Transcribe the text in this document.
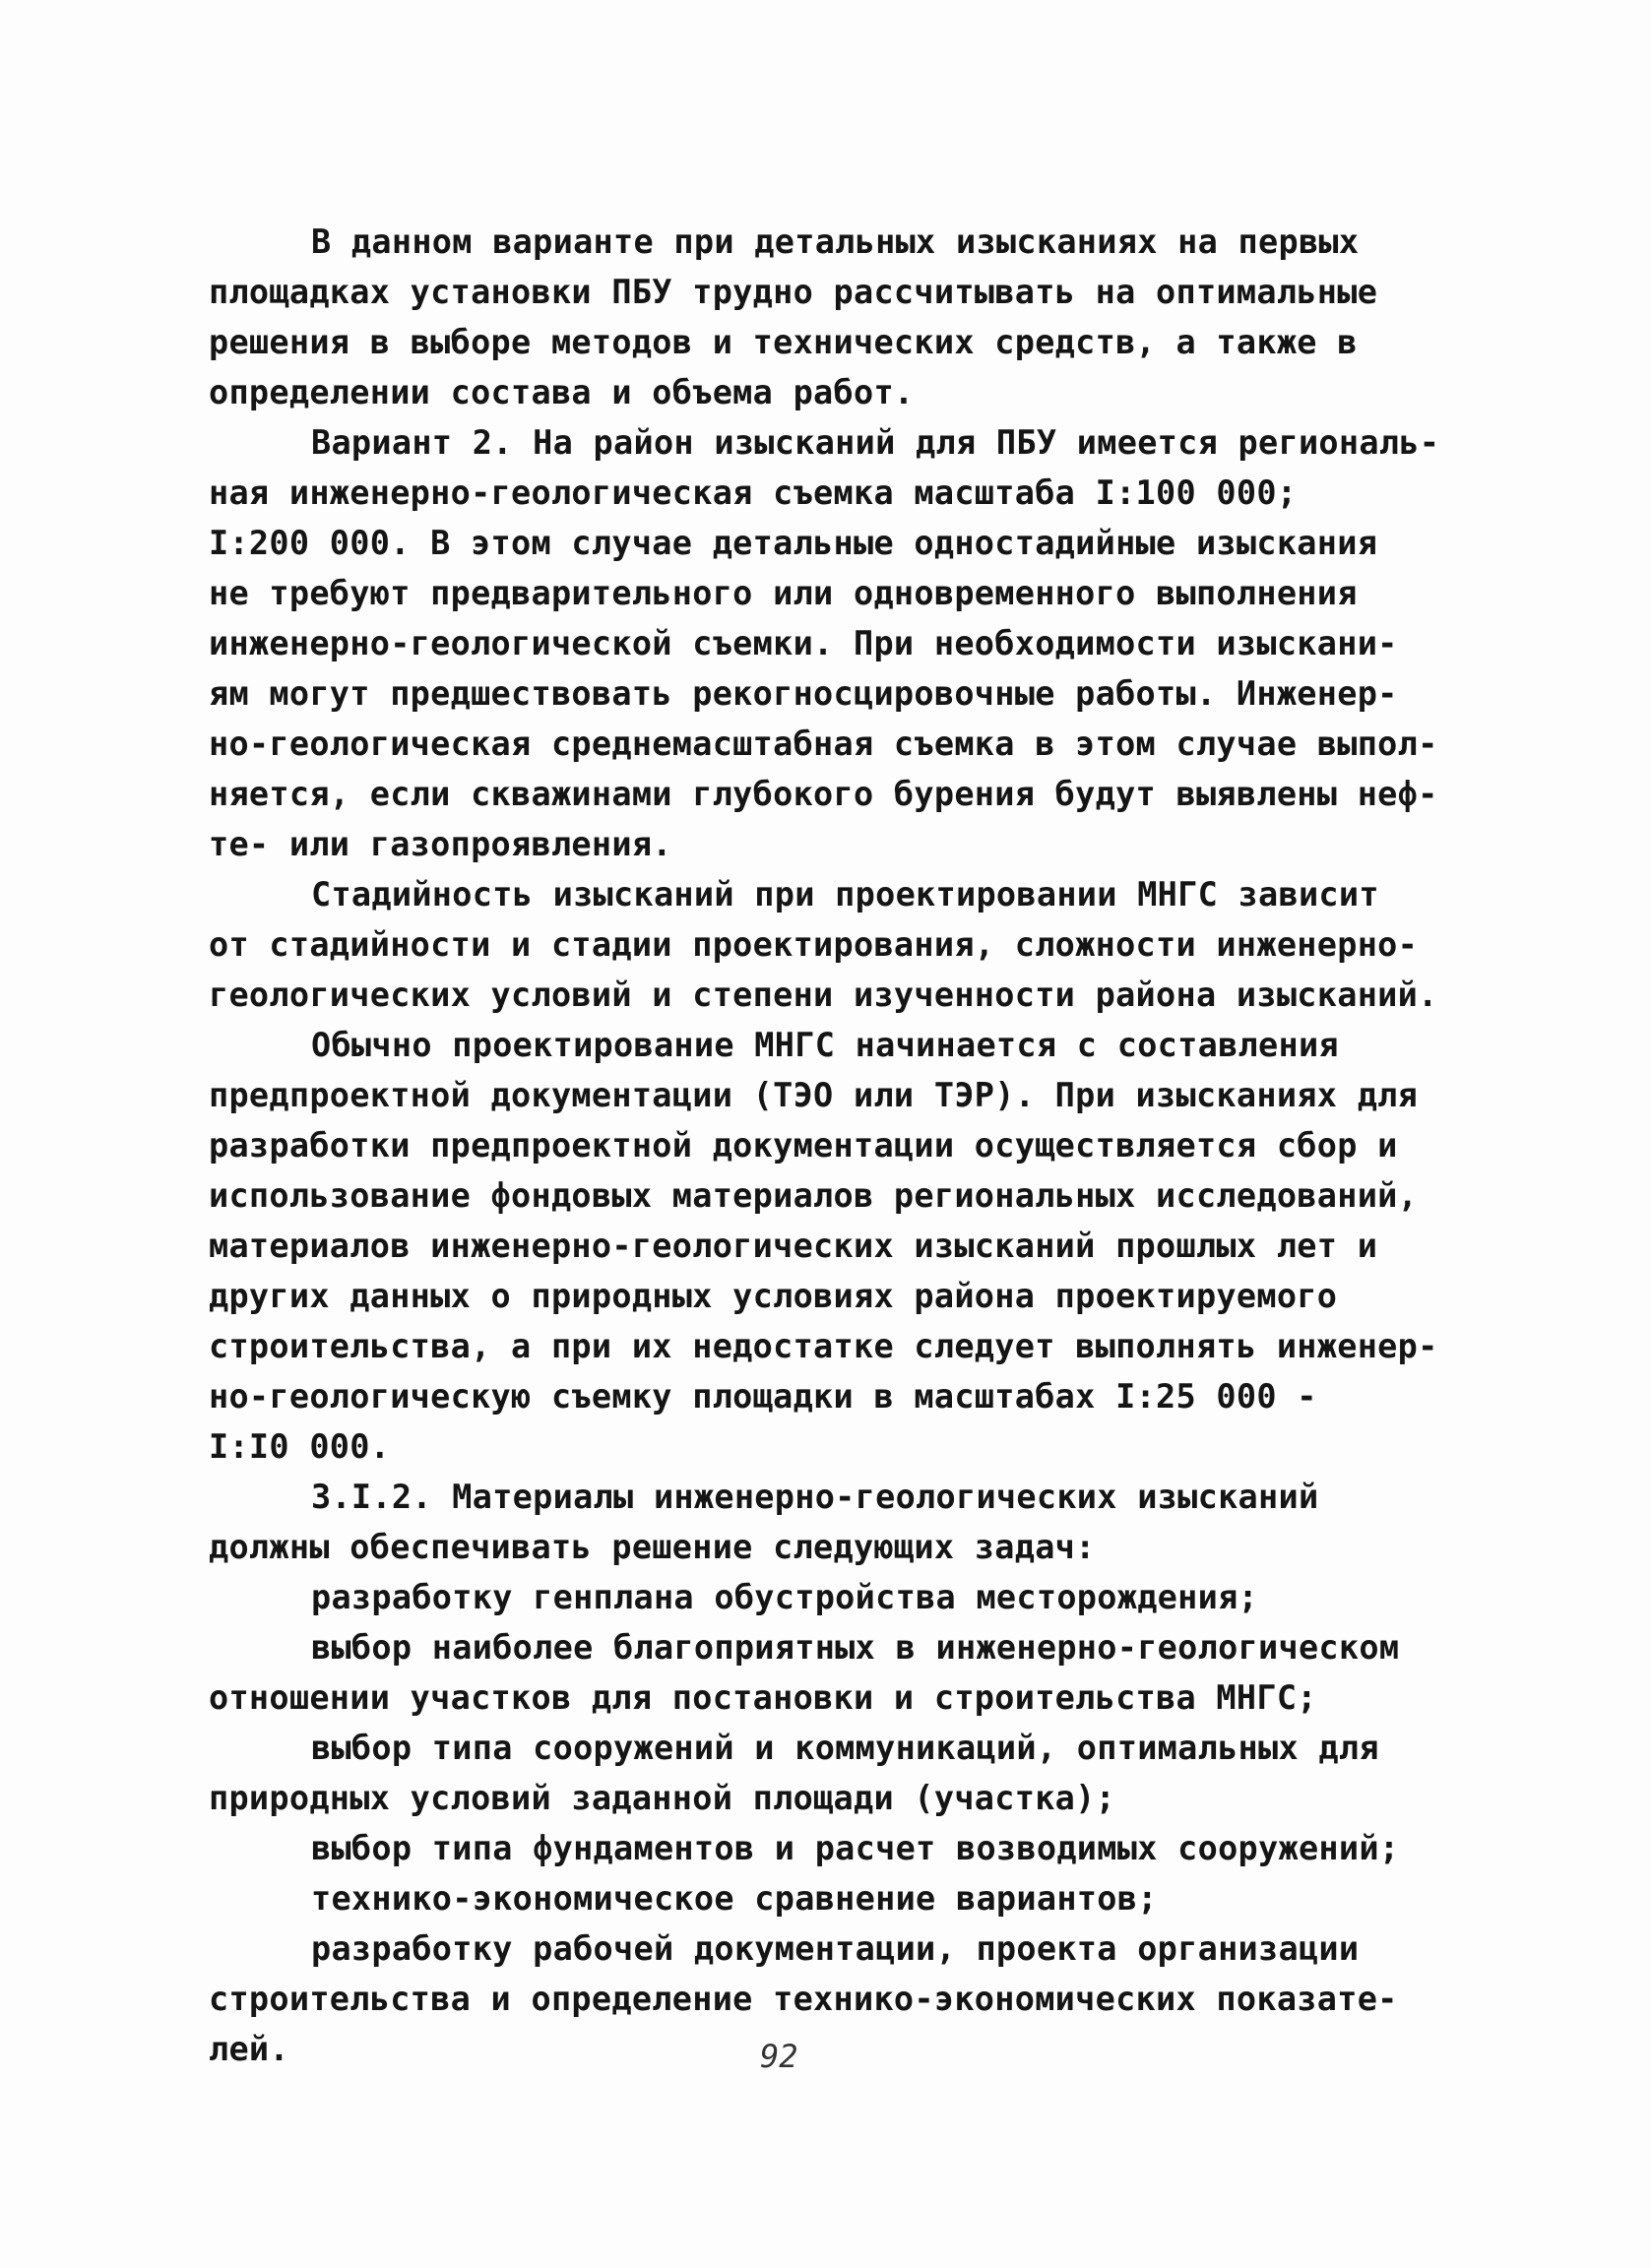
В данном варианте при детальных изысканиях на первых
площадках установки ПБУ трудно рассчитывать на оптимальные
решения в выборе методов и технических средств, а также в
определении состава и объема работ.
Вариант 2. На район изысканий для ПБУ имеется региональ-
ная инженерно-геологическая съемка масштаба I:100 000;
I:200 000. В этом случае детальные одностадийные изыскания
не требуют предварительного или одновременного выполнения
инженерно-геологической съемки. При необходимости изыскани-
ям могут предшествовать рекогносцировочные работы. Инженер-
но-геологическая среднемасштабная съемка в этом случае выпол-
няется, если скважинами глубокого бурения будут выявлены неф-
те- или газопроявления.
Стадийность изысканий при проектировании МНГС зависит
от стадийности и стадии проектирования, сложности инженерно-
геологических условий и степени изученности района изысканий.
Обычно проектирование МНГС начинается с составления
предпроектной документации (ТЭО или ТЭР). При изысканиях для
разработки предпроектной документации осуществляется сбор и
использование фондовых материалов региональных исследований,
материалов инженерно-геологических изысканий прошлых лет и
других данных о природных условиях района проектируемого
строительства, а при их недостатке следует выполнять инженер-
но-геологическую съемку площадки в масштабах I:25 000 -
I:I0 000.
3.I.2. Материалы инженерно-геологических изысканий
должны обеспечивать решение следующих задач:
разработку генплана обустройства месторождения;
выбор наиболее благоприятных в инженерно-геологическом
отношении участков для постановки и строительства МНГС;
выбор типа сооружений и коммуникаций, оптимальных для
природных условий заданной площади (участка);
выбор типа фундаментов и расчет возводимых сооружений;
технико-экономическое сравнение вариантов;
разработку рабочей документации, проекта организации
строительства и определение технико-экономических показате-
лей.	92
